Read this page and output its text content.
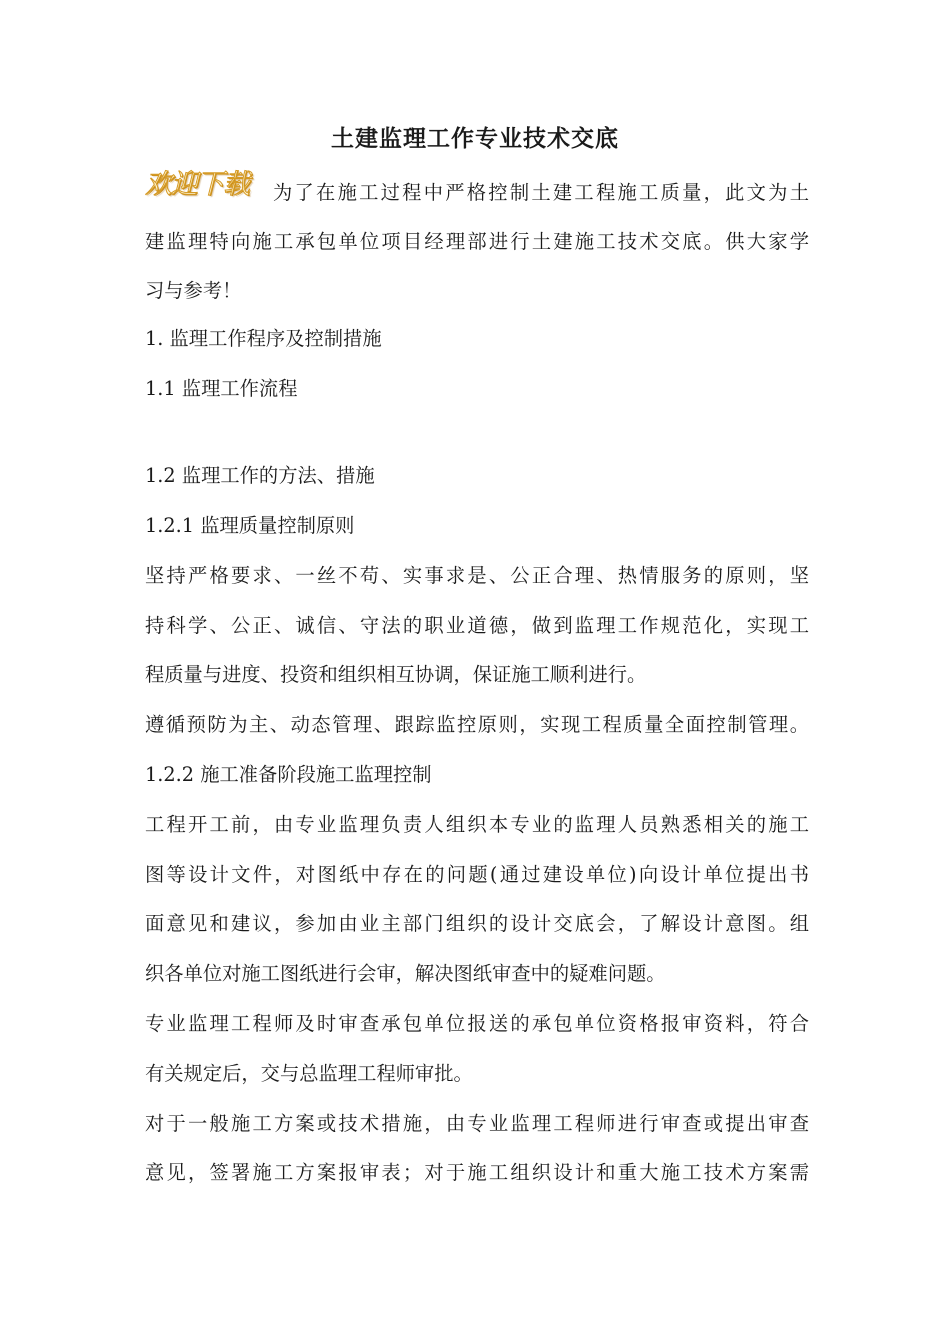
土建监理工作专业技术交底
欢迎下载 为了在施工过程中严格控制土建工程施工质量，此文为土
建监理特向施工承包单位项目经理部进行土建施工技术交底。供大家学
习与参考！
1. 监理工作程序及控制措施
1.1 监理工作流程
1.2 监理工作的方法、措施
1.2.1 监理质量控制原则
坚持严格要求、一丝不苟、实事求是、公正合理、热情服务的原则，坚
持科学、公正、诚信、守法的职业道德，做到监理工作规范化，实现工
程质量与进度、投资和组织相互协调，保证施工顺利进行。
遵循预防为主、动态管理、跟踪监控原则，实现工程质量全面控制管理。
1.2.2 施工准备阶段施工监理控制
工程开工前，由专业监理负责人组织本专业的监理人员熟悉相关的施工
图等设计文件，对图纸中存在的问题(通过建设单位)向设计单位提出书
面意见和建议，参加由业主部门组织的设计交底会，了解设计意图。组
织各单位对施工图纸进行会审，解决图纸审查中的疑难问题。
专业监理工程师及时审查承包单位报送的承包单位资格报审资料，符合
有关规定后，交与总监理工程师审批。
对于一般施工方案或技术措施，由专业监理工程师进行审查或提出审查
意见，签署施工方案报审表；对于施工组织设计和重大施工技术方案需
